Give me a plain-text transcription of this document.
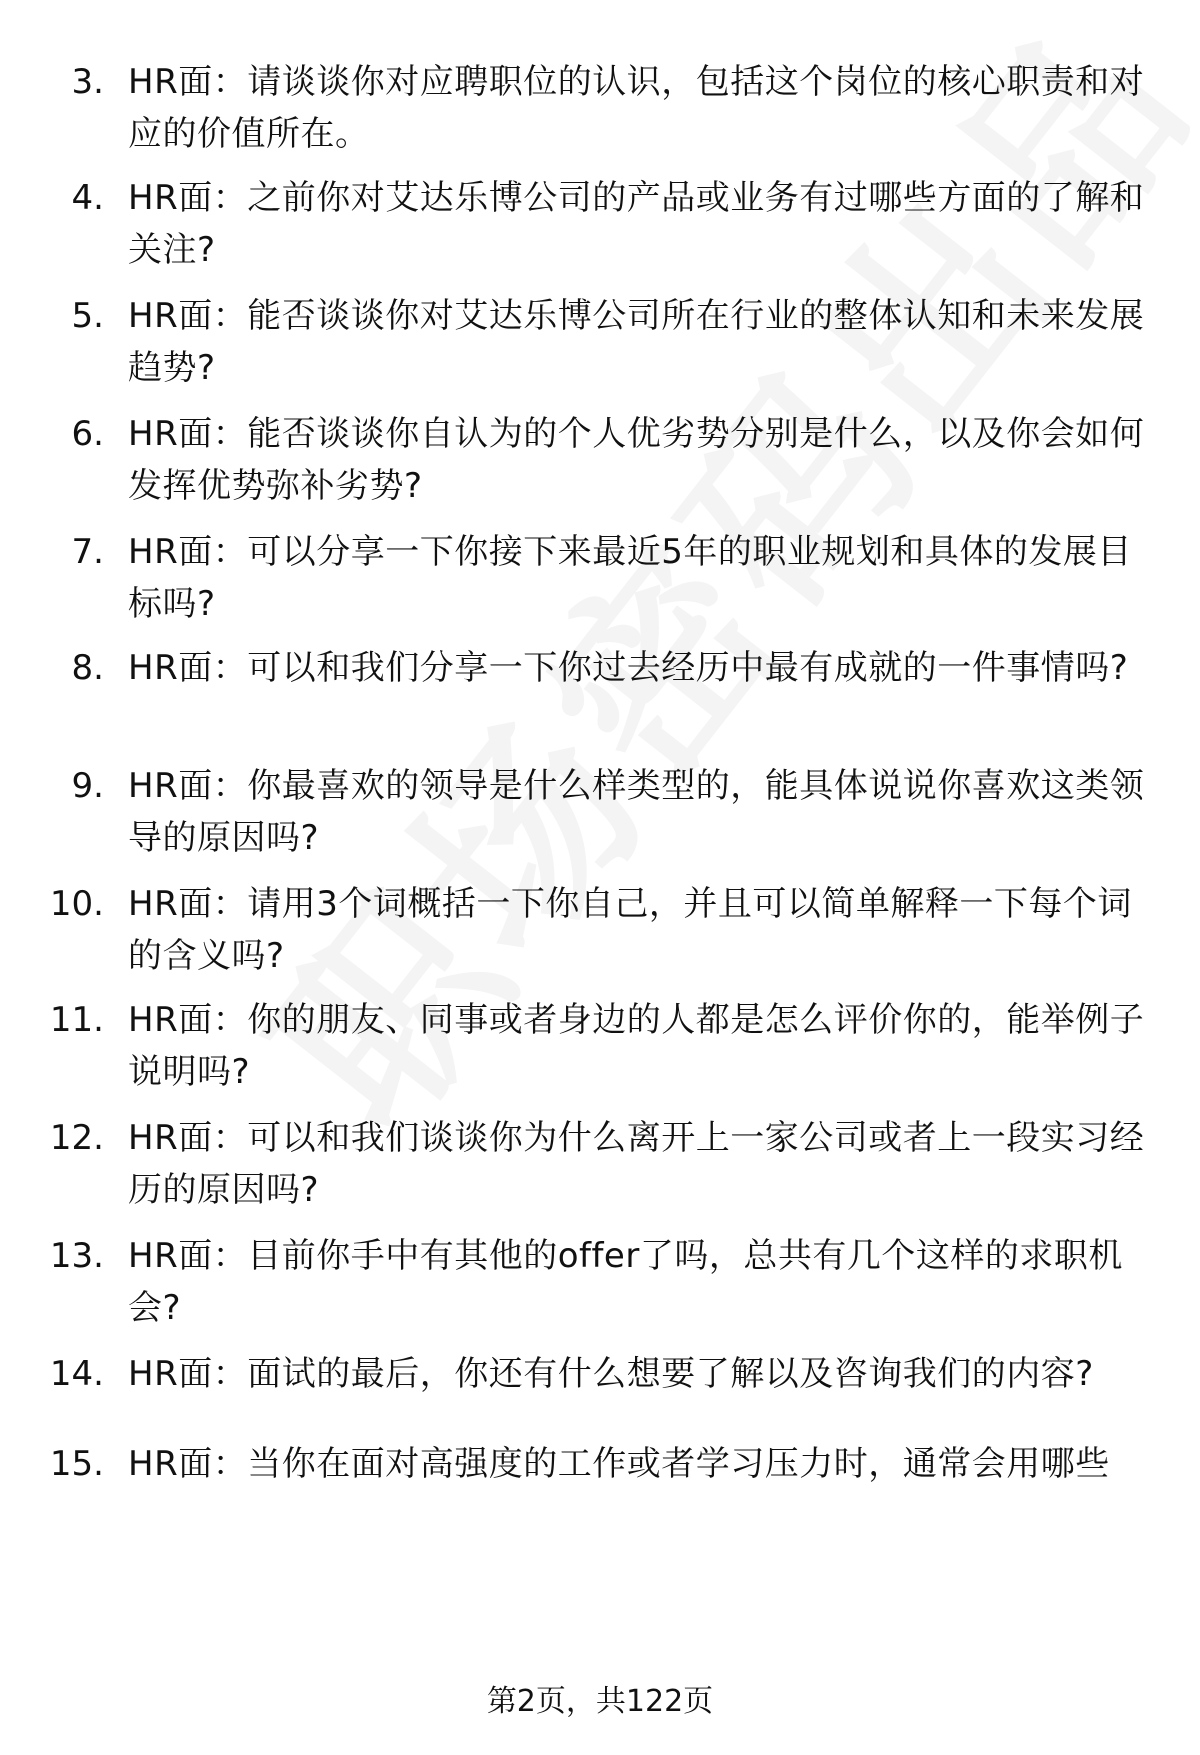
3. HR面：请谈谈你对应聘职位的认识，包括这个岗位的核心职责和对应的价值所在。
4. HR面：之前你对艾达乐博公司的产品或业务有过哪些方面的了解和关注?
5. HR面：能否谈谈你对艾达乐博公司所在行业的整体认知和未来发展趋势?
6. HR面：能否谈谈你自认为的个人优劣势分别是什么，以及你会如何发挥优势弥补劣势?
7. HR面：可以分享一下你接下来最近5年的职业规划和具体的发展目标吗?
8. HR面：可以和我们分享一下你过去经历中最有成就的一件事情吗?
9. HR面：你最喜欢的领导是什么样类型的，能具体说说你喜欢这类领导的原因吗?
10. HR面：请用3个词概括一下你自己，并且可以简单解释一下每个词的含义吗?
11. HR面：你的朋友、同事或者身边的人都是怎么评价你的，能举例子说明吗?
12. HR面：可以和我们谈谈你为什么离开上一家公司或者上一段实习经历的原因吗?
13. HR面：目前你手中有其他的offer了吗，总共有几个这样的求职机会?
14. HR面：面试的最后，你还有什么想要了解以及咨询我们的内容?
15. HR面：当你在面对高强度的工作或者学习压力时，通常会用哪些
第2页，共122页
